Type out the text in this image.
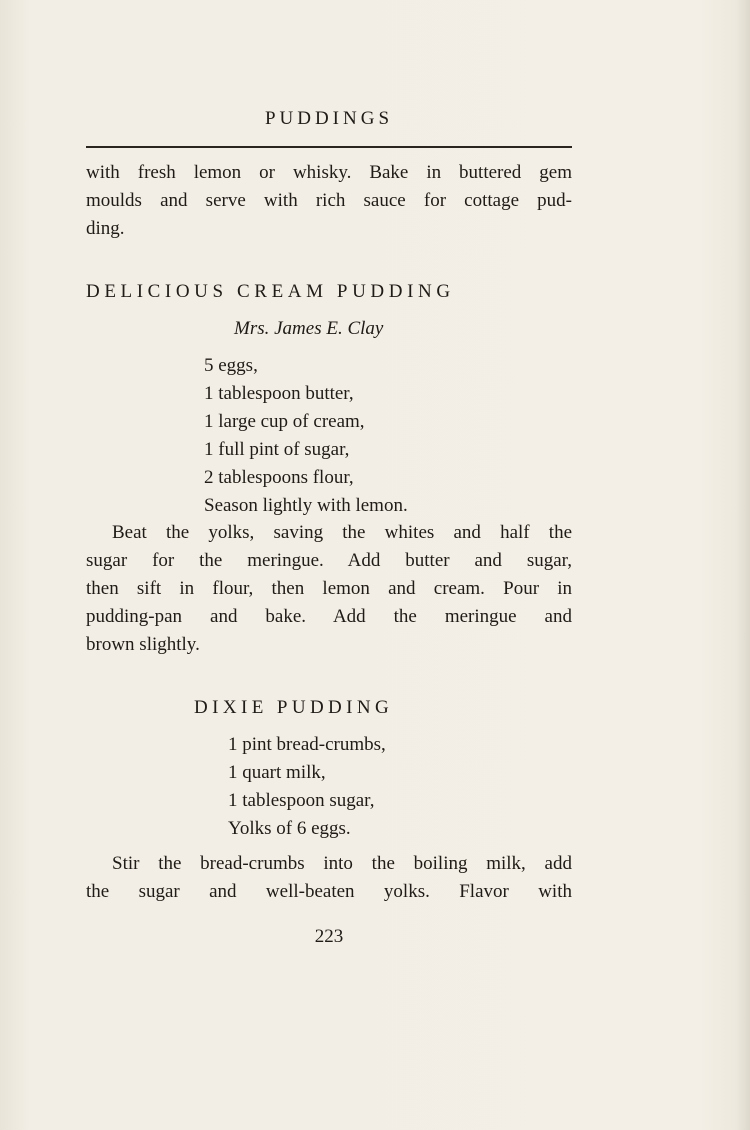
PUDDINGS

with fresh lemon or whisky. Bake in buttered gem
moulds and serve with rich sauce for cottage pud-
ding.

DELICIOUS CREAM PUDDING
Mrs. James E. Clay
5 eggs,
1 tablespoon butter,
1 large cup of cream,
1 full pint of sugar,
2 tablespoons flour,
Season lightly with lemon.

Beat the yolks, saving the whites and half the
sugar for the meringue. Add butter and sugar,
then sift in flour, then lemon and cream. Pour in
pudding-pan and bake. Add the meringue and
brown slightly.

DIXIE PUDDING
1 pint bread-crumbs,
1 quart milk,
1 tablespoon sugar,
Yolks of 6 eggs.

Stir the bread-crumbs into the boiling milk, add
the sugar and well-beaten yolks. Flavor with

223
